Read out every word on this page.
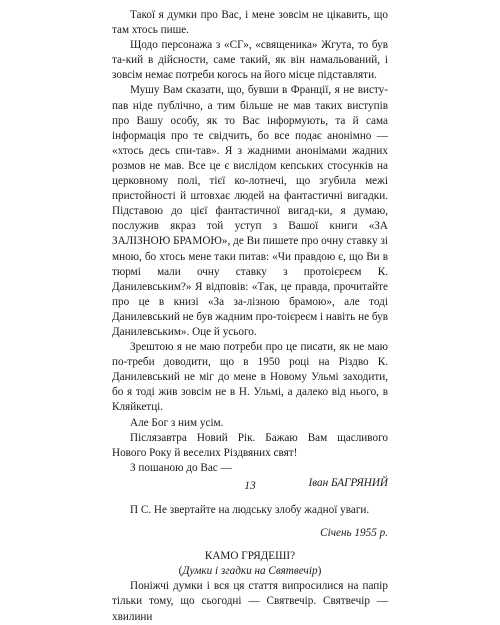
Такої я думки про Вас, і мене зовсім не цікавить, що там хтось пише.

Щодо персонажа з «СГ», «священика» Жгута, то був та-кий в дійсности, саме такий, як він намальований, і зовсім немає потреби когось на його місце підставляти.

Мушу Вам сказати, що, бувши в Франції, я не висту-пав ніде публічно, а тим більше не мав таких виступів про Вашу особу, як то Вас інформують, та й сама інформація про те свідчить, бо все подає анонімно — «хтось десь спи-тав». Я з жадними анонімами жадних розмов не мав. Все це є вислідом кепських стосунків на церковному полі, тієї ко-лотнечі, що згубила межі пристойності й штовхає людей на фантастичні вигадки. Підставою до цієї фантастичної вигад-ки, я думаю, послужив якраз той уступ з Вашої книги «ЗА ЗАЛІЗНОЮ БРАМОЮ», де Ви пишете про очну ставку зі мною, бо хтось мене таки питав: «Чи правдою є, що Ви в тюрмі мали очну ставку з протоієреєм К. Данилевським?» Я відповів: «Так, це правда, прочитайте про це в книзі «За за-лізною брамою», але тоді Данилевський не був жадним про-тоієреєм і навіть не був Данилевським». Оце й усього.

Зрештою я не маю потреби про це писати, як не маю по-треби доводити, що в 1950 році на Різдво К. Данилевський не міг до мене в Новому Ульмі заходити, бо я тоді жив зовсім не в Н. Ульмі, а далеко від нього, в Кляйкетці.

Але Бог з ним усім.

Післязавтра Новий Рік. Бажаю Вам щасливого Нового Року й веселих Різдвяних свят!

З пошаною до Вас —

Іван БАГРЯНИЙ

П С. Не звертайте на людську злобу жадної уваги.

Січень 1955 р.

КАМО ГРЯДЕШІ?

(Думки і згадки на Святвечір)

Поніжчі думки і вся ця стаття випросилися на папір тільки тому, що сьогодні — Святвечір. Святвечір — хвилини

13
